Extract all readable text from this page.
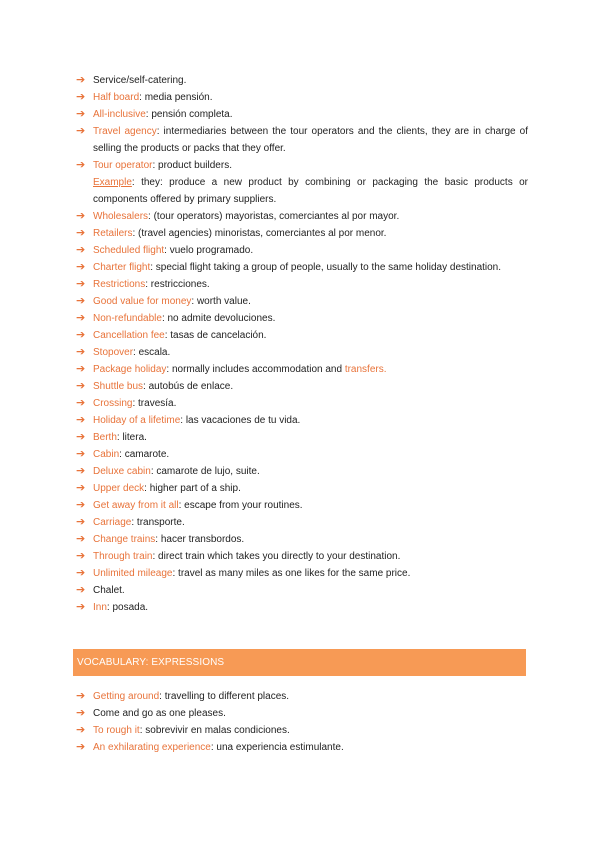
➔ Service/self-catering.
➔ Half board: media pensión.
➔ All-inclusive: pensión completa.
➔ Travel agency: intermediaries between the tour operators and the clients, they are in charge of selling the products or packs that they offer.
➔ Tour operator: product builders.
Example: they: produce a new product by combining or packaging the basic products or components offered by primary suppliers.
➔ Wholesalers: (tour operators) mayoristas, comerciantes al por mayor.
➔ Retailers: (travel agencies) minoristas, comerciantes al por menor.
➔ Scheduled flight: vuelo programado.
➔ Charter flight: special flight taking a group of people, usually to the same holiday destination.
➔ Restrictions: restricciones.
➔ Good value for money: worth value.
➔ Non-refundable: no admite devoluciones.
➔ Cancellation fee: tasas de cancelación.
➔ Stopover: escala.
➔ Package holiday: normally includes accommodation and transfers.
➔ Shuttle bus: autobús de enlace.
➔ Crossing: travesía.
➔ Holiday of a lifetime: las vacaciones de tu vida.
➔ Berth: litera.
➔ Cabin: camarote.
➔ Deluxe cabin: camarote de lujo, suite.
➔ Upper deck: higher part of a ship.
➔ Get away from it all: escape from your routines.
➔ Carriage: transporte.
➔ Change trains: hacer transbordos.
➔ Through train: direct train which takes you directly to your destination.
➔ Unlimited mileage: travel as many miles as one likes for the same price.
➔ Chalet.
➔ Inn: posada.
VOCABULARY: EXPRESSIONS
➔ Getting around: travelling to different places.
➔ Come and go as one pleases.
➔ To rough it: sobrevivir en malas condiciones.
➔ An exhilarating experience: una experiencia estimulante.
